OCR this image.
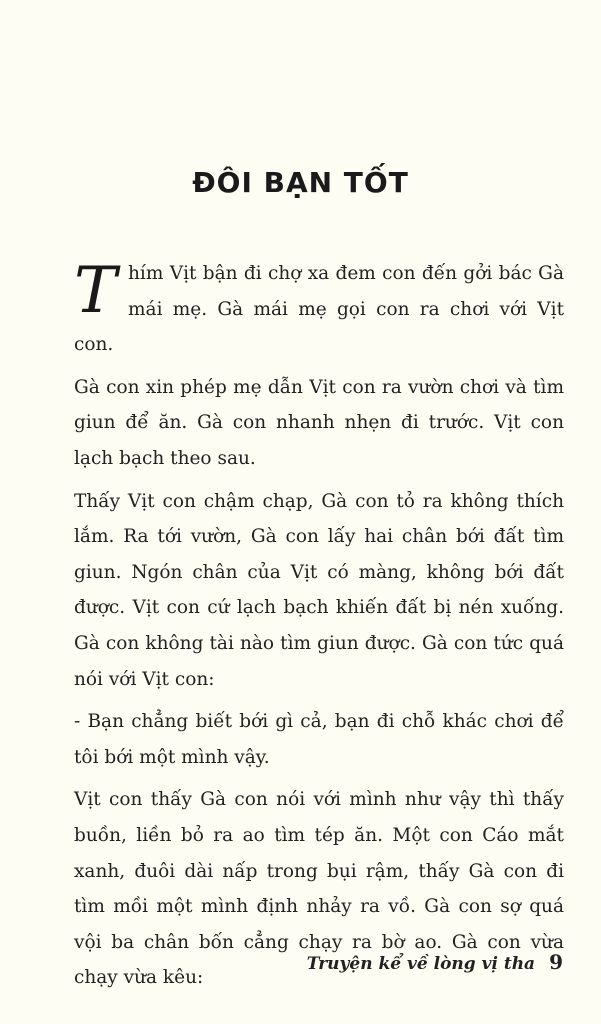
ĐÔI BẠN TỐT

Thím Vịt bận đi chợ xa đem con đến gởi bác Gà mái mẹ. Gà mái mẹ gọi con ra chơi với Vịt con.

Gà con xin phép mẹ dẫn Vịt con ra vườn chơi và tìm giun để ăn. Gà con nhanh nhẹn đi trước. Vịt con lạch bạch theo sau.

Thấy Vịt con chậm chạp, Gà con tỏ ra không thích lắm. Ra tới vườn, Gà con lấy hai chân bới đất tìm giun. Ngón chân của Vịt có màng, không bới đất được. Vịt con cứ lạch bạch khiến đất bị nén xuống. Gà con không tài nào tìm giun được. Gà con tức quá nói với Vịt con:

- Bạn chẳng biết bới gì cả, bạn đi chỗ khác chơi để tôi bới một mình vậy.

Vịt con thấy Gà con nói với mình như vậy thì thấy buồn, liền bỏ ra ao tìm tép ăn. Một con Cáo mắt xanh, đuôi dài nấp trong bụi rậm, thấy Gà con đi tìm mồi một mình định nhảy ra vồ. Gà con sợ quá vội ba chân bốn cẳng chạy ra bờ ao. Gà con vừa chạy vừa kêu:

Truyện kể về lòng vị tha 9
